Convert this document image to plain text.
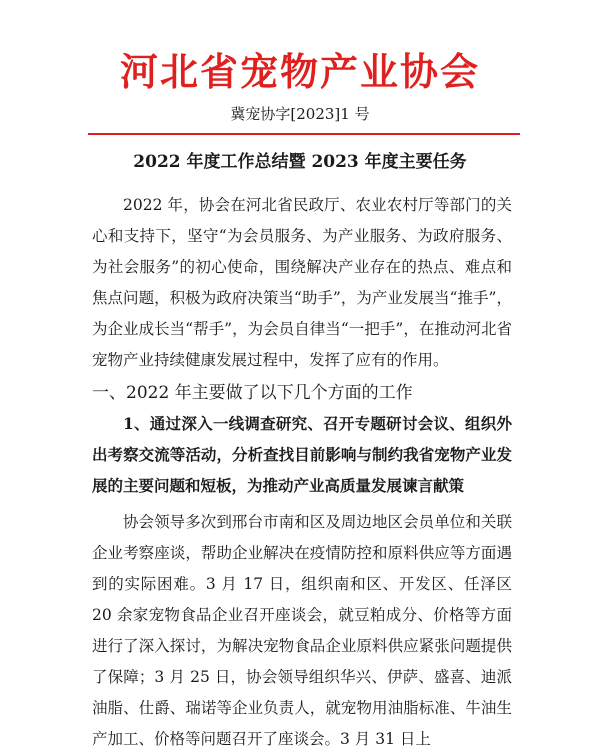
河北省宠物产业协会
冀宠协字[2023]1 号
2022 年度工作总结暨 2023 年度主要任务
2022 年，协会在河北省民政厅、农业农村厅等部门的关心和支持下，坚守“为会员服务、为产业服务、为政府服务、为社会服务”的初心使命，围绕解决产业存在的热点、难点和焦点问题，积极为政府决策当“助手”，为产业发展当“推手”，为企业成长当“帮手”，为会员自律当“一把手”，在推动河北省宠物产业持续健康发展过程中，发挥了应有的作用。
一、2022 年主要做了以下几个方面的工作
1、通过深入一线调查研究、召开专题研讨会议、组织外出考察交流等活动，分析查找目前影响与制约我省宠物产业发展的主要问题和短板，为推动产业高质量发展谏言献策
协会领导多次到邢台市南和区及周边地区会员单位和关联企业考察座谈，帮助企业解决在疫情防控和原料供应等方面遇到的实际困难。3 月 17 日，组织南和区、开发区、任泽区 20 余家宠物食品企业召开座谈会，就豆粕成分、价格等方面进行了深入探讨，为解决宠物食品企业原料供应紧张问题提供了保障；3 月 25 日，协会领导组织华兴、伊萨、盛喜、迪派油脂、仕爵、瑞诺等企业负责人，就宠物用油脂标准、牛油生产加工、价格等问题召开了座谈会。3 月 31 日上
